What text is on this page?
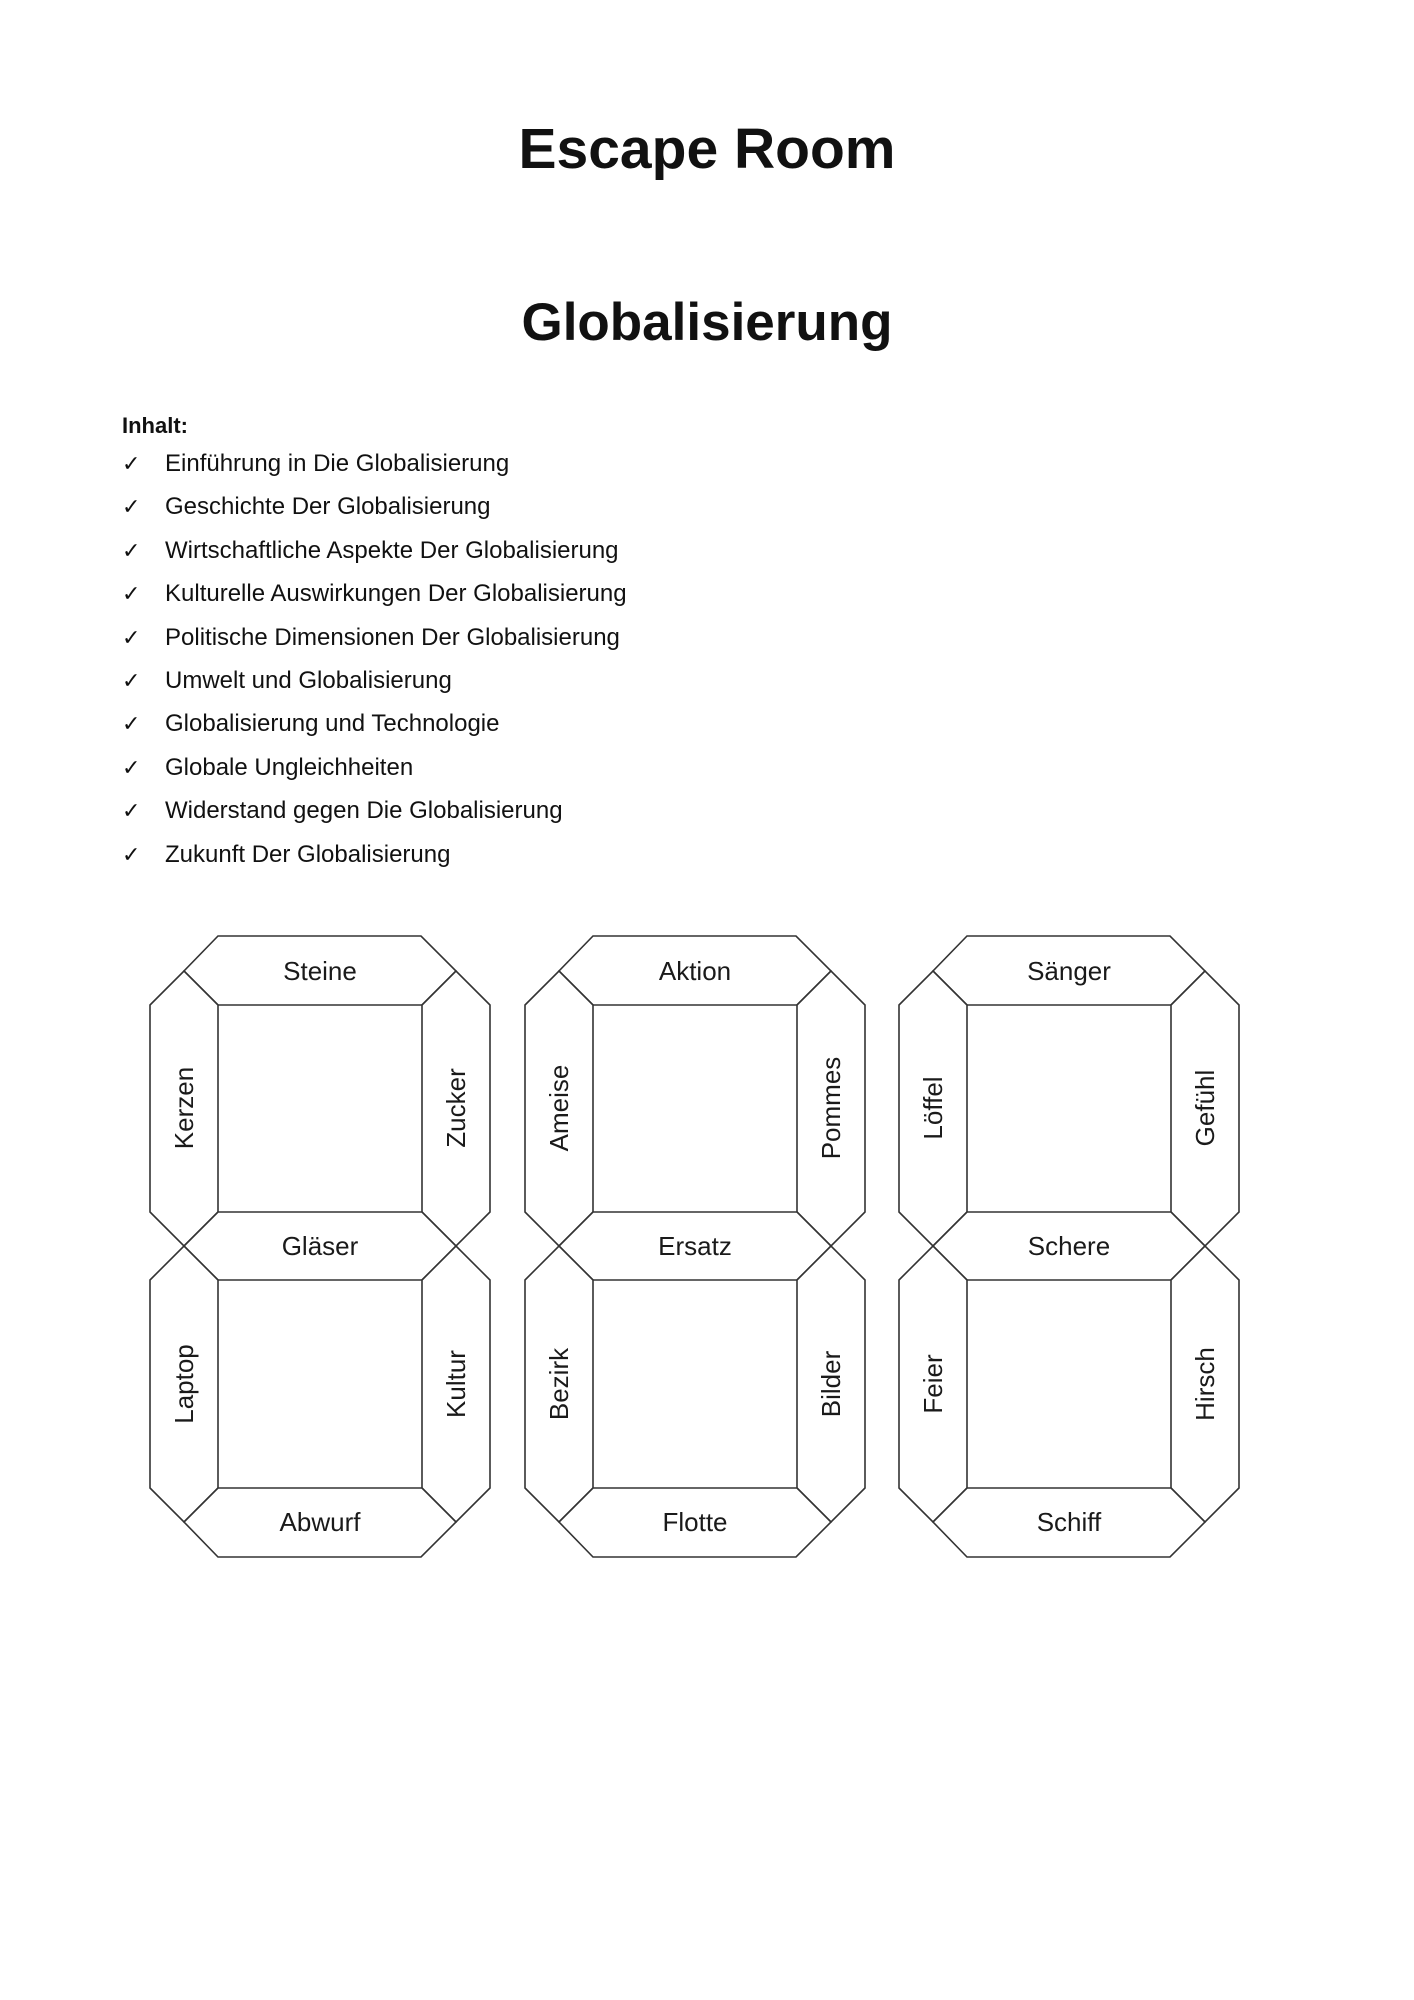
Escape Room
Globalisierung
Inhalt:
✓ Einführung in Die Globalisierung
✓ Geschichte Der Globalisierung
✓ Wirtschaftliche Aspekte Der Globalisierung
✓ Kulturelle Auswirkungen Der Globalisierung
✓ Politische Dimensionen Der Globalisierung
✓ Umwelt und Globalisierung
✓ Globalisierung und Technologie
✓ Globale Ungleichheiten
✓ Widerstand gegen Die Globalisierung
✓ Zukunft Der Globalisierung
Steine
Kerzen	Zucker
Gläser
Laptop	Kultur
Abwurf
Aktion
Ameise	Pommes
Ersatz
Bezirk	Bilder
Flotte
Sänger
Löffel	Gefühl
Schere
Feier	Hirsch
Schiff
